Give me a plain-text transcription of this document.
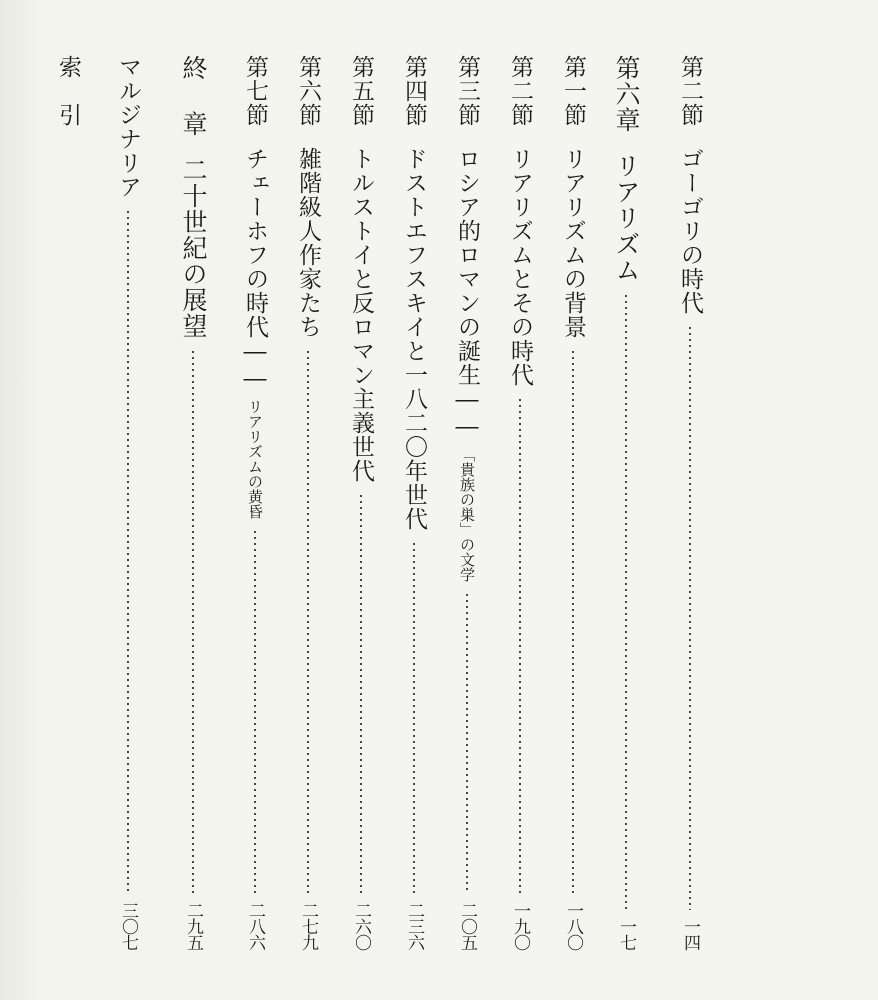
第二節
ゴーゴリの時代
一四
第六章
リアリズム
一七
第一節
リアリズムの背景
一八〇
第二節
リアリズムとその時代
一九〇
第三節
ロシア的ロマンの誕生――
「貴族の巣」の文学
二〇五
第四節
ドストエフスキイと一八二〇年世代
二三六
第五節
トルストイと反ロマン主義世代
二六〇
第六節
雑階級人作家たち
二七九
第七節
チェーホフの時代――
リアリズムの黄昏
二八六
終 章
二十世紀の展望
二九五
マルジナリア
三〇七
索　引
